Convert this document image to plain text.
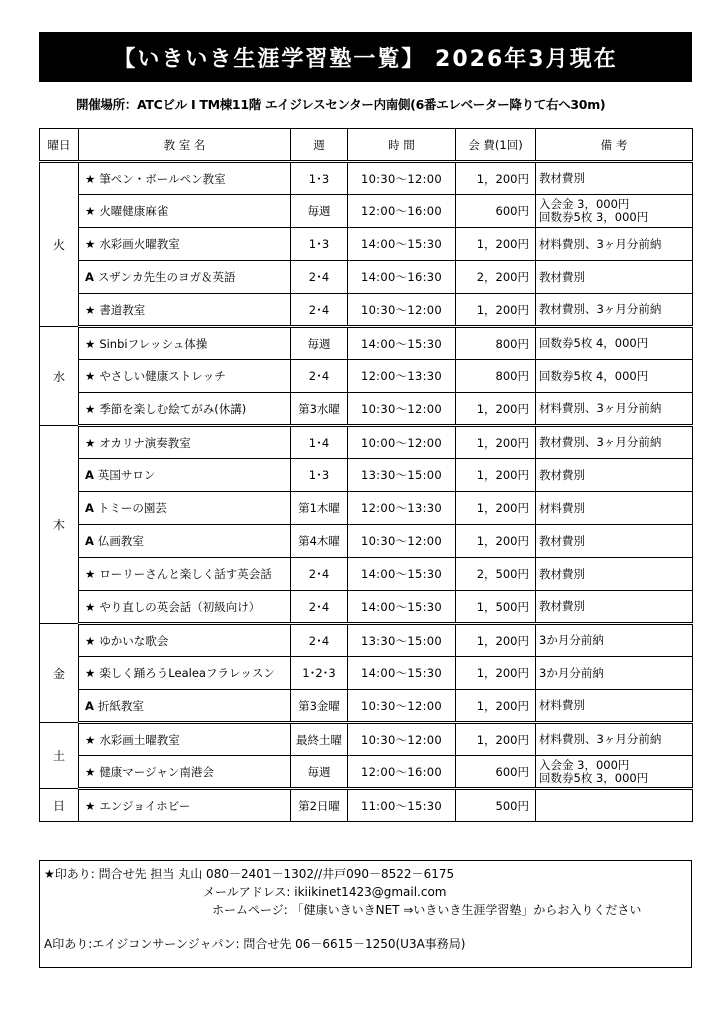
【いきいき生涯学習塾一覧】 2026年3月現在
開催場所：ATCビル I TM棟11階 エイジレスセンター内南側(6番エレベーター降りて右へ30m)
曜日	教 室 名	週	時 間	会 費(1回)	備 考
火	★ 筆ペン・ボールペン教室	1･3	10:30～12:00	1，200円	教材費別

	★ 火曜健康麻雀	毎週	12:00～16:00	600円	入会金 3，000円
回数券5枚 3，000円

	★ 水彩画火曜教室	1･3	14:00～15:30	1，200円	材料費別、3ヶ月分前納

	A スザンカ先生のヨガ＆英語	2･4	14:00～16:30	2，200円	教材費別

	★ 書道教室	2･4	10:30～12:00	1，200円	教材費別、3ヶ月分前納

水	★ Sinbiフレッシュ体操	毎週	14:00～15:30	800円	回数券5枚 4，000円

	★ やさしい健康ストレッチ	2･4	12:00～13:30	800円	回数券5枚 4，000円

	★ 季節を楽しむ絵てがみ(休講)	第3水曜	10:30～12:00	1，200円	材料費別、3ヶ月分前納

木	★ オカリナ演奏教室	1･4	10:00～12:00	1，200円	教材費別、3ヶ月分前納

	A 英国サロン	1･3	13:30～15:00	1，200円	教材費別

	A トミーの園芸	第1木曜	12:00～13:30	1，200円	材料費別

	A 仏画教室	第4木曜	10:30～12:00	1，200円	教材費別

	★ ローリーさんと楽しく話す英会話	2･4	14:00～15:30	2，500円	教材費別

	★ やり直しの英会話（初級向け）	2･4	14:00～15:30	1，500円	教材費別

金	★ ゆかいな歌会	2･4	13:30～15:00	1，200円	3か月分前納

	★ 楽しく踊ろうLealeaフラレッスン	1･2･3	14:00～15:30	1，200円	3か月分前納

	A 折紙教室	第3金曜	10:30～12:00	1，200円	材料費別

土	★ 水彩画土曜教室	最終土曜	10:30～12:00	1，200円	材料費別、3ヶ月分前納

	★ 健康マージャン南港会	毎週	12:00～16:00	600円	入会金 3，000円
回数券5枚 3，000円

日	★ エンジョイホビー	第2日曜	11:00～15:30	500円	
★印あり: 問合せ先 担当 丸山 080－2401－1302//井戸090－8522－6175
メールアドレス: ikiikinet1423@gmail.com
ホームページ: 「健康いきいきNET ⇒いきいき生涯学習塾」からお入りください
A印あり:エイジコンサーンジャパン: 問合せ先 06－6615－1250(U3A事務局)
